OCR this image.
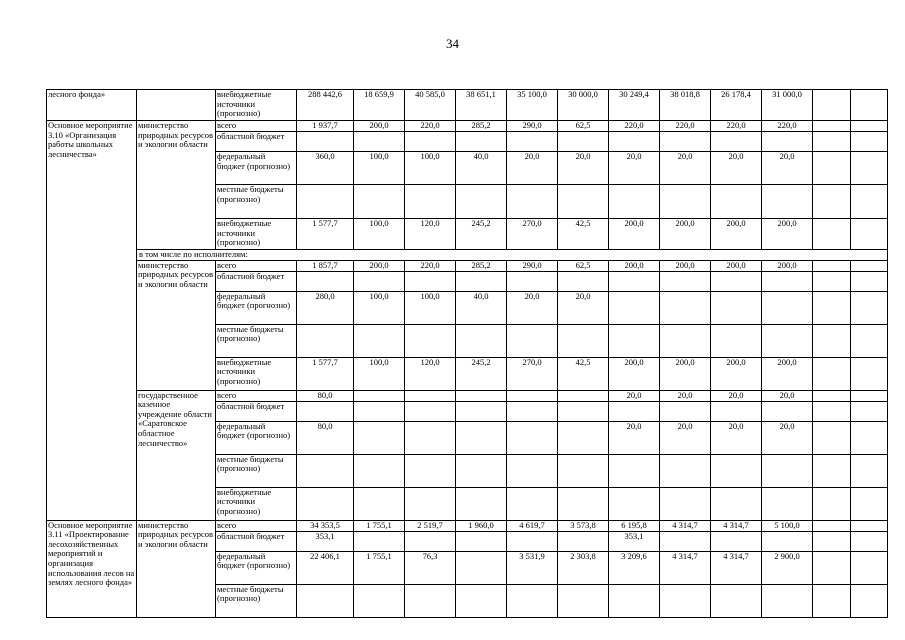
34
лесного фонда»		внебюджетные источники (прогнозно)	288 442,6	18 659,9	40 585,0	38 651,1	35 100,0	30 000,0	30 249,4	38 018,8	26 178,4	31 000,0		
Основное мероприятие 3.10 «Организация работы школьных лесничества»	министерство природных ресурсов и экологии области	всего	1 937,7	200,0	220,0	285,2	290,0	62,5	220,0	220,0	220,0	220,0		
		областной бюджет												
		федеральный бюджет (прогнозно)	360,0	100,0	100,0	40,0	20,0	20,0	20,0	20,0	20,0	20,0		
		местные бюджеты (прогнозно)												
		внебюджетные источники (прогнозно)	1 577,7	100,0	120,0	245,2	270,0	42,5	200,0	200,0	200,0	200,0		
	в том числе по исполнителям:													
	министерство природных ресурсов и экологии области	всего	1 857,7	200,0	220,0	285,2	290,0	62,5	200,0	200,0	200,0	200,0		
		областной бюджет												
		федеральный бюджет (прогнозно)	280,0	100,0	100,0	40,0	20,0	20,0						
		местные бюджеты (прогнозно)												
		внебюджетные источники (прогнозно)	1 577,7	100,0	120,0	245,2	270,0	42,5	200,0	200,0	200,0	200,0		
	государственное казенное учреждение области «Саратовское областное лесничество»	всего	80,0						20,0	20,0	20,0	20,0		
		областной бюджет												
		федеральный бюджет (прогнозно)	80,0						20,0	20,0	20,0	20,0		
		местные бюджеты (прогнозно)												
		внебюджетные источники (прогнозно)												
Основное мероприятие 3.11 «Проектирование лесохозяйственных мероприятий и организация использования лесов на землях лесного фонда»	министерство природных ресурсов и экологии области	всего	34 353,5	1 755,1	2 519,7	1 960,0	4 619,7	3 573,8	6 195,8	4 314,7	4 314,7	5 100,0		
		областной бюджет	353,1						353,1					
		федеральный бюджет (прогнозно)	22 406,1	1 755,1	76,3		3 531,9	2 303,8	3 209,6	4 314,7	4 314,7	2 900,0		
		местные бюджеты (прогнозно)												
